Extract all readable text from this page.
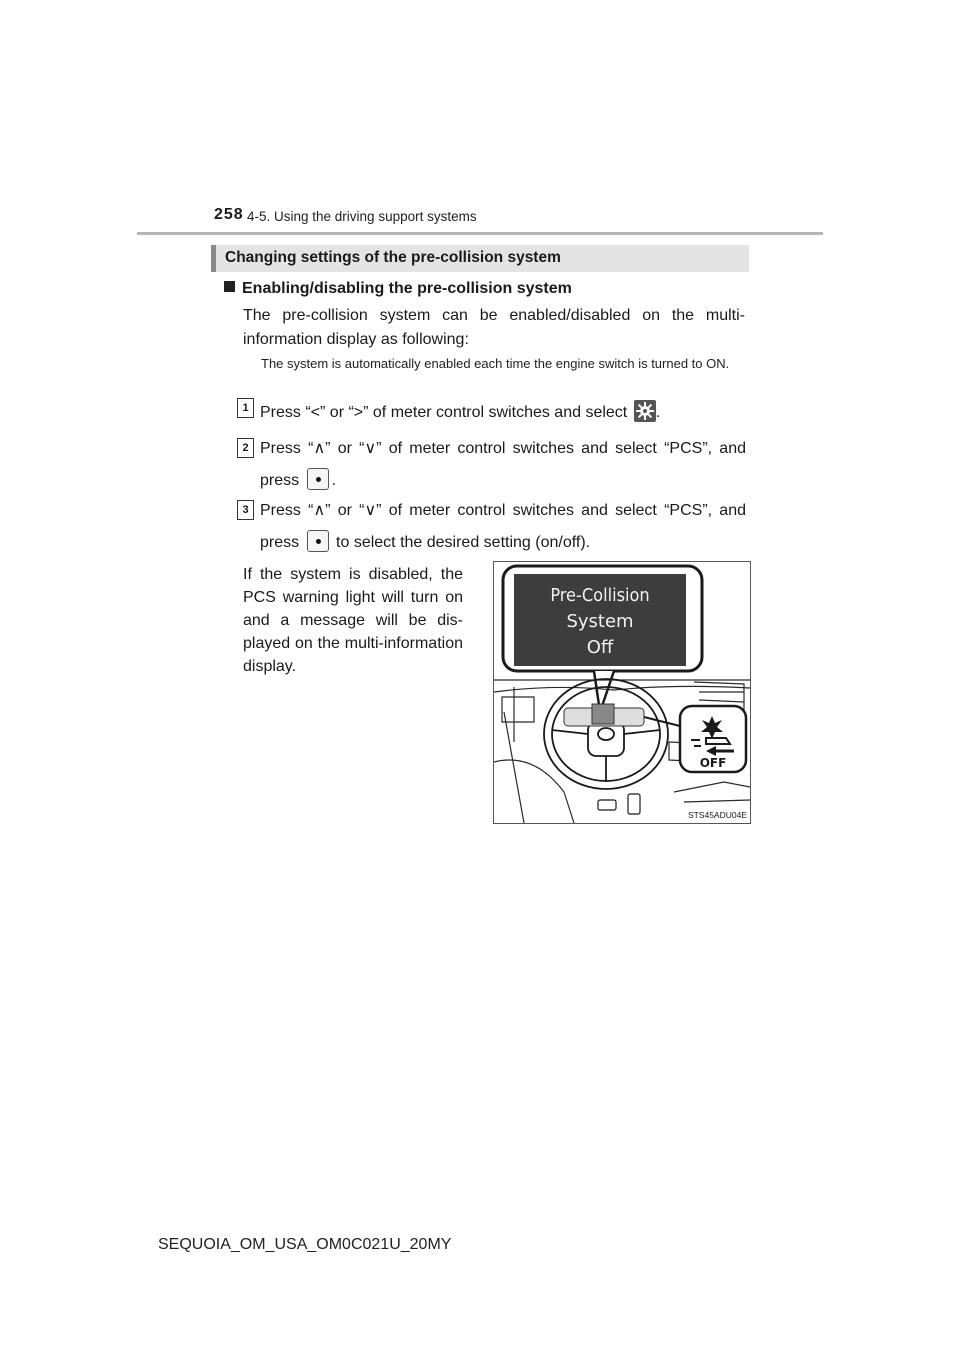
258 4-5. Using the driving support systems
Changing settings of the pre-collision system
Enabling/disabling the pre-collision system
The pre-collision system can be enabled/disabled on the multi-information display as following:
The system is automatically enabled each time the engine switch is turned to ON.
1 Press “<” or “>” of meter control switches and select .
2 Press “∧” or “∨” of meter control switches and select “PCS”, and press .
3 Press “∧” or “∨” of meter control switches and select “PCS”, and press to select the desired setting (on/off).
If the system is disabled, the
PCS warning light will turn on
and a message will be dis-
played on the multi-information
display.
Pre-Collision
System
Off
OFF
STS45ADU04E
SEQUOIA_OM_USA_OM0C021U_20MY
